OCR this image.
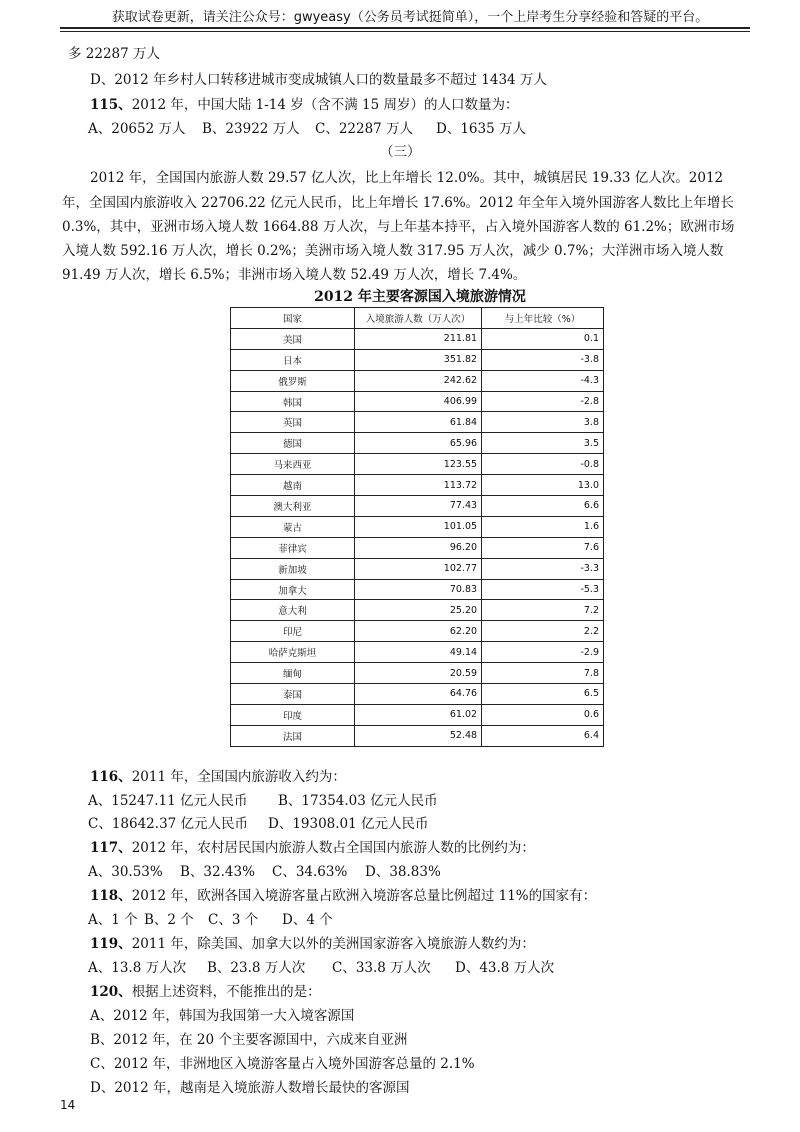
获取试卷更新，请关注公众号：gwyeasy（公务员考试挺简单），一个上岸考生分享经验和答疑的平台。
多 22287 万人
D、2012 年乡村人口转移进城市变成城镇人口的数量最多不超过 1434 万人
115、2012 年，中国大陆 1-14 岁（含不满 15 周岁）的人口数量为：
A、20652 万人 B、23922 万人 C、22287 万人 D、1635 万人
（三）
2012 年，全国国内旅游人数 29.57 亿人次，比上年增长 12.0%。其中，城镇居民 19.33 亿人次。2012
年，全国国内旅游收入 22706.22 亿元人民币，比上年增长 17.6%。2012 年全年入境外国游客人数比上年增长
0.3%，其中，亚洲市场入境人数 1664.88 万人次，与上年基本持平，占入境外国游客人数的 61.2%；欧洲市场
入境人数 592.16 万人次，增长 0.2%；美洲市场入境人数 317.95 万人次，减少 0.7%；大洋洲市场入境人数
91.49 万人次，增长 6.5%；非洲市场入境人数 52.49 万人次，增长 7.4%。
2012 年主要客源国入境旅游情况
国家	入境旅游人数（万人次）	与上年比较（%）
美国	211.81	0.1
日本	351.82	-3.8
俄罗斯	242.62	-4.3
韩国	406.99	-2.8
英国	61.84	3.8
德国	65.96	3.5
马来西亚	123.55	-0.8
越南	113.72	13.0
澳大利亚	77.43	6.6
蒙古	101.05	1.6
菲律宾	96.20	7.6
新加坡	102.77	-3.3
加拿大	70.83	-5.3
意大利	25.20	7.2
印尼	62.20	2.2
哈萨克斯坦	49.14	-2.9
缅甸	20.59	7.8
泰国	64.76	6.5
印度	61.02	0.6
法国	52.48	6.4
116、2011 年，全国国内旅游收入约为：
A、15247.11 亿元人民币 B、17354.03 亿元人民币
C、18642.37 亿元人民币 D、19308.01 亿元人民币
117、2012 年，农村居民国内旅游人数占全国国内旅游人数的比例约为：
A、30.53% B、32.43% C、34.63% D、38.83%
118、2012 年，欧洲各国入境游客量占欧洲入境游客总量比例超过 11%的国家有：
A、1 个 B、2 个 C、3 个 D、4 个
119、2011 年，除美国、加拿大以外的美洲国家游客入境旅游人数约为：
A、13.8 万人次 B、23.8 万人次 C、33.8 万人次 D、43.8 万人次
120、根据上述资料，不能推出的是：
A、2012 年，韩国为我国第一大入境客源国
B、2012 年，在 20 个主要客源国中，六成来自亚洲
C、2012 年，非洲地区入境游客量占入境外国游客总量的 2.1%
D、2012 年，越南是入境旅游人数增长最快的客源国
14
